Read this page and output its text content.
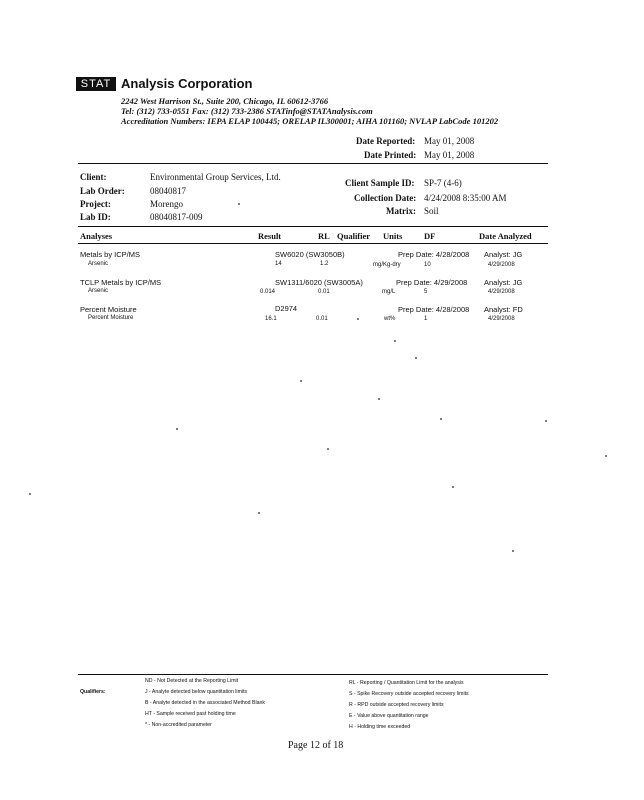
STAT Analysis Corporation
2242 West Harrison St., Suite 200, Chicago, IL 60612-3766
Tel: (312) 733-0551 Fax: (312) 733-2386 STATinfo@STATAnalysis.com
Accreditation Numbers: IEPA ELAP 100445; ORELAP IL300001; AIHA 101160; NVLAP LabCode 101202
Date Reported: May 01, 2008
Date Printed: May 01, 2008
Client:	Environmental Group Services, Ltd.
Lab Order:	08040817
Project:	Morengo
Lab ID:	08040817-009
Client Sample ID: SP-7 (4-6)
Collection Date: 4/24/2008 8:35:00 AM
Matrix: Soil
Analyses	Result	RL Qualifier Units	DF	Date Analyzed
Metals by ICP/MS	SW6020 (SW3050B)	Prep Date: 4/28/2008 Analyst: JG
Arsenic	14	1.2	mg/Kg-dry	10	4/29/2008
TCLP Metals by ICP/MS	SW1311/6020 (SW3005A)	Prep Date: 4/29/2008 Analyst: JG
Arsenic	0.014	0.01	mg/L	5	4/29/2008
Percent Moisture	D2974	Prep Date: 4/28/2008 Analyst: FD
Percent Moisture	16.1	0.01	wt%	1	4/29/2008
Qualifiers:
ND - Not Detected at the Reporting Limit
J - Analyte detected below quantitation limits
B - Analyte detected in the associated Method Blank
HT - Sample received past holding time
* - Non-accredited parameter
RL - Reporting / Quantitation Limit for the analysis
S - Spike Recovery outside accepted recovery limits
R - RPD outside accepted recovery limits
E - Value above quantitation range
H - Holding time exceeded
Page 12 of 18
